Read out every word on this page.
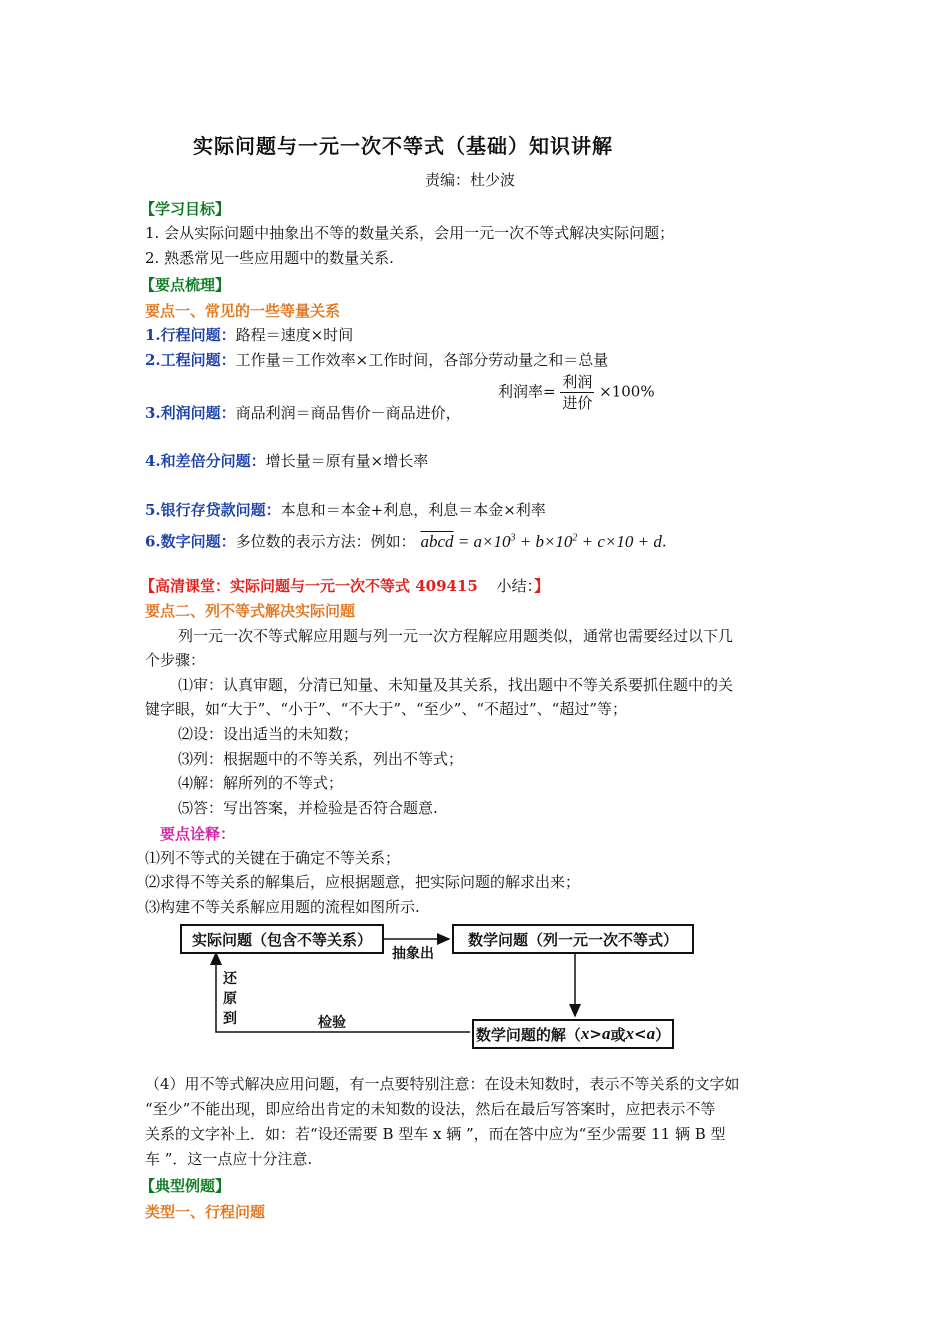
实际问题与一元一次不等式（基础）知识讲解
责编：杜少波
【学习目标】
1. 会从实际问题中抽象出不等的数量关系，会用一元一次不等式解决实际问题；
2. 熟悉常见一些应用题中的数量关系.
【要点梳理】
要点一、常见的一些等量关系
1.行程问题：路程＝速度×时间
2.工程问题：工作量＝工作效率×工作时间，各部分劳动量之和＝总量
3.利润问题：商品利润＝商品售价－商品进价，
利润率= $\frac{\text{利润}}{\text{进价}} \times 100\%$
4.和差倍分问题：增长量＝原有量×增长率
5.银行存贷款问题：本息和＝本金+利息，利息＝本金×利率
6.数字问题：多位数的表示方法：例如： abcd = $a\times 10^3 + b\times 10^2 + c\times 10 + d$.
【高清课堂：实际问题与一元一次不等式 409415 小结：】
要点二、列不等式解决实际问题
列一元一次不等式解应用题与列一元一次方程解应用题类似，通常也需要经过以下几
个步骤：
⑴审：认真审题，分清已知量、未知量及其关系，找出题中不等关系要抓住题中的关
键字眼，如“大于”、“小于”、“不大于”、“至少”、“不超过”、“超过”等；
⑵设：设出适当的未知数；
⑶列：根据题中的不等关系，列出不等式；
⑷解：解所列的不等式；
⑸答：写出答案，并检验是否符合题意.
要点诠释：
⑴列不等式的关键在于确定不等关系；
⑵求得不等关系的解集后，应根据题意，把实际问题的解求出来；
⑶构建不等关系解应用题的流程如图所示.
实际问题（包含不等关系）	数学问题（列一元一次不等式）
数学问题的解（ x > a 或 x < a ）
抽象出
检验
还
原
到
（4）用不等式解决应用问题，有一点要特别注意：在设未知数时，表示不等关系的文字如
“至少”不能出现，即应给出肯定的未知数的设法，然后在最后写答案时，应把表示不等
关系的文字补上．如：若“设还需要 B 型车 x 辆 ”，而在答中应为“至少需要 11 辆 B 型
车 ”．这一点应十分注意.
【典型例题】
类型一、行程问题
